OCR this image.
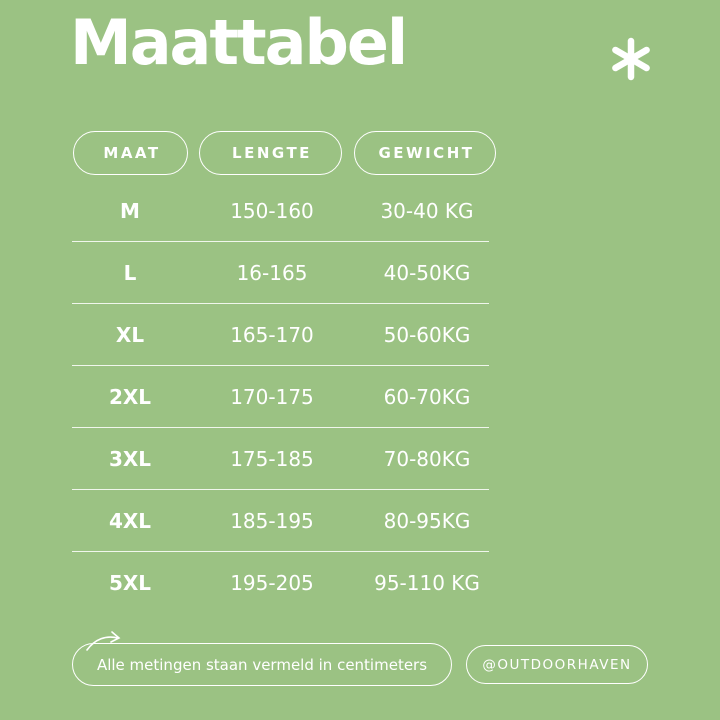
Maattabel
MAAT	LENGTE	GEWICHT
M	150-160	30-40 KG
L	16-165	40-50KG
XL	165-170	50-60KG
2XL	170-175	60-70KG
3XL	175-185	70-80KG
4XL	185-195	80-95KG
5XL	195-205	95-110 KG
Alle metingen staan vermeld in centimeters	@OUTDOORHAVEN
